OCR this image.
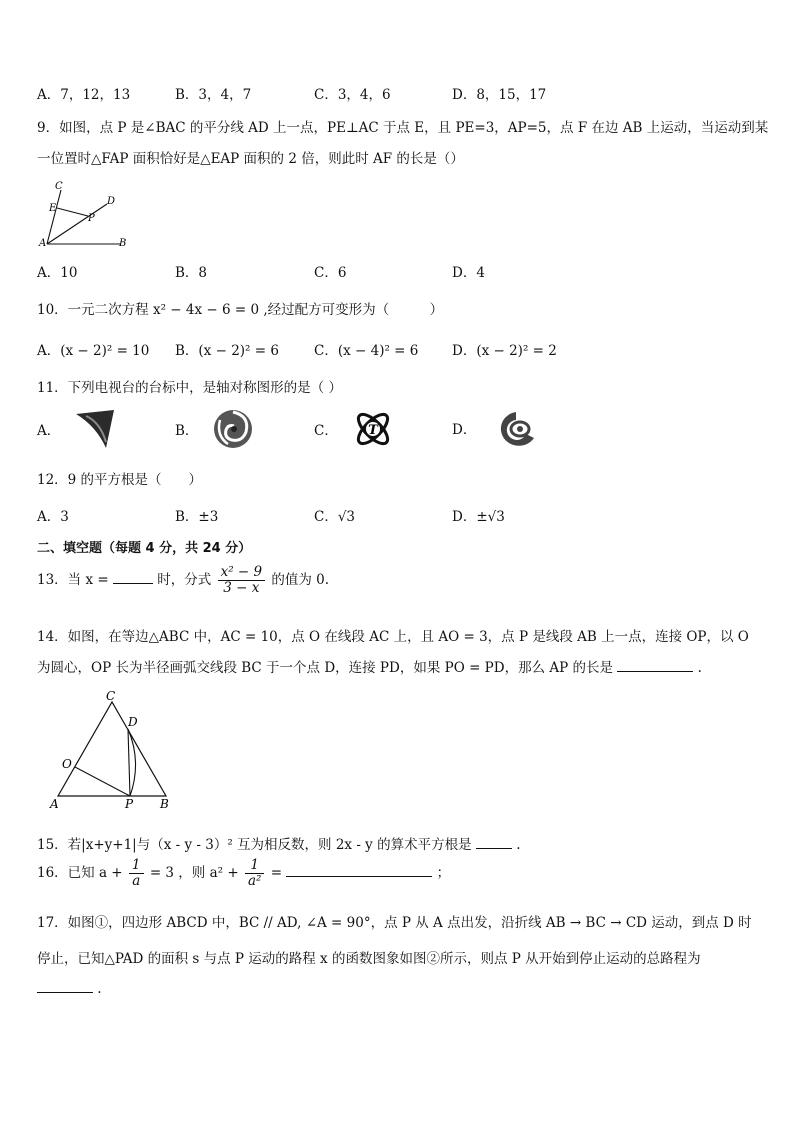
A．7，12，13	B．3，4，7	C．3，4，6	D．8，15，17
9．如图，点 P 是∠BAC 的平分线 AD 上一点，PE⊥AC 于点 E，且 PE=3，AP=5，点 F 在边 AB 上运动，当运动到某
一位置时△FAP 面积恰好是△EAP 面积的 2 倍，则此时 AF 的长是（）
C
E
D
P
A	B
A．10	B．8	C．6	D．4
10．一元二次方程 x² − 4x − 6 = 0 ,经过配方可变形为（　　　）
A．(x − 2)² = 10 B．(x − 2)² = 6	C．(x − 4)² = 6 D．(x − 2)² = 2
11．下列电视台的台标中，是轴对称图形的是（ ）
A．	B．	C． T	D．
12．9 的平方根是（　　）
A．3	B．±3	C．√3	D．±√3
二、填空题（每题 4 分，共 24 分）
13．当 x =	时，分式 $\frac{\text{x² − 9}}{3 - x}$ 的值为 0.
14．如图，在等边△ABC 中，AC = 10，点 O 在线段 AC 上，且 AO = 3，点 P 是线段 AB 上一点，连接 OP，以 O
为圆心，OP 长为半径画弧交线段 BC 于一个点 D，连接 PD，如果 PO = PD，那么 AP 的长是	.
C
D
O
A	P B
15．若|x+y+1|与（x - y - 3）² 互为相反数，则 2x - y 的算术平方根是	.
16．已知 $a + \frac{1}{a} = 3$ ，则 $a^2 + \frac{1}{\text{a²}}$ =	；
17．如图①，四边形 ABCD 中，BC // AD, ∠A = 90°，点 P 从 A 点出发，沿折线 AB → BC → CD 运动，到点 D 时
停止，已知△PAD 的面积 s 与点 P 运动的路程 x 的函数图象如图②所示，则点 P 从开始到停止运动的总路程为
.
